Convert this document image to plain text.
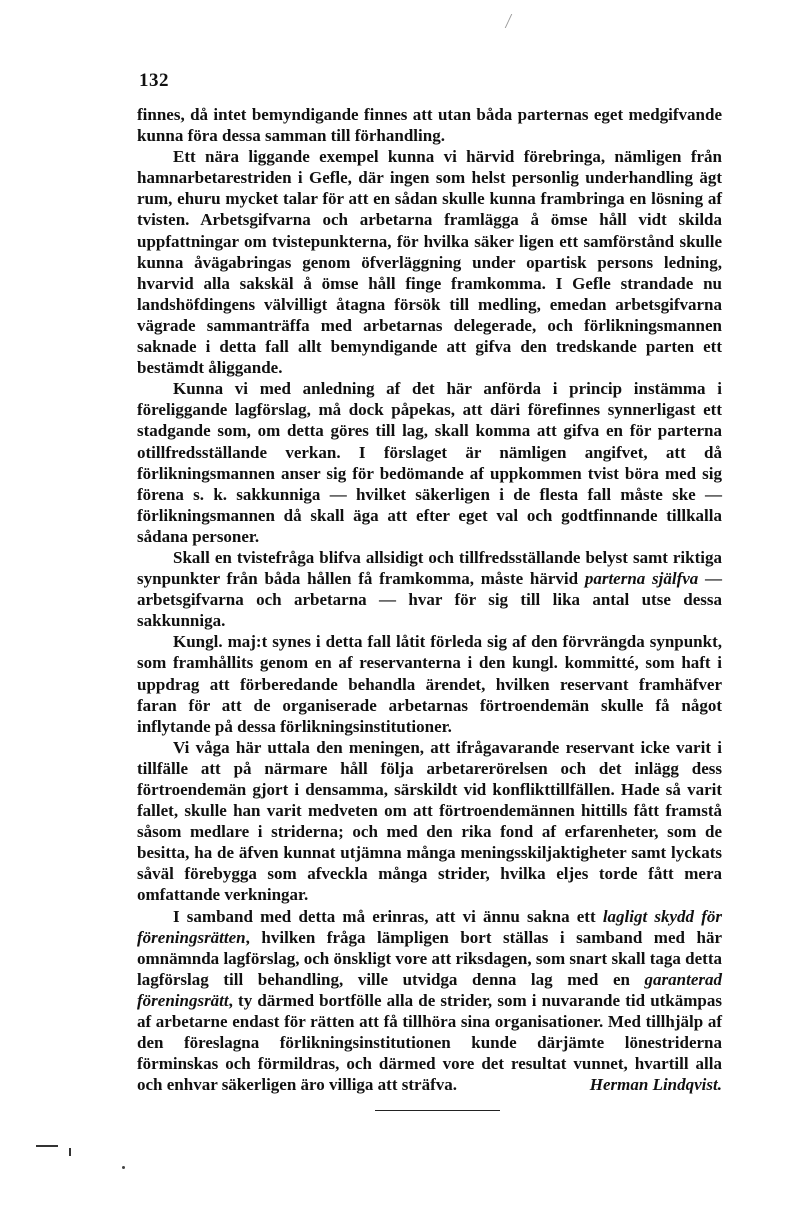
132

finnes, då intet bemyndigande finnes att utan båda parternas eget medgifvande kunna föra dessa samman till förhandling.

Ett nära liggande exempel kunna vi härvid förebringa, nämligen från hamnarbetarestriden i Gefle, där ingen som helst personlig underhandling ägt rum, ehuru mycket talar för att en sådan skulle kunna frambringa en lösning af tvisten. Arbetsgifvarna och arbetarna framlägga å ömse håll vidt skilda uppfattningar om tvistepunkterna, för hvilka säker ligen ett samförstånd skulle kunna åvägabringas genom öfverläggning under opartisk persons ledning, hvarvid alla sakskäl å ömse håll finge framkomma. I Gefle strandade nu landshöfdingens välvilligt åtagna försök till medling, emedan arbetsgifvarna vägrade sammanträffa med arbetarnas delegerade, och förlikningsmannen saknade i detta fall allt bemyndigande att gifva den tredskande parten ett bestämdt åliggande.

Kunna vi med anledning af det här anförda i princip instämma i föreliggande lagförslag, må dock påpekas, att däri förefinnes synnerligast ett stadgande som, om detta göres till lag, skall komma att gifva en för parterna otillfredsställande verkan. I förslaget är nämligen angifvet, att då förlikningsmannen anser sig för bedömande af uppkommen tvist böra med sig förena s. k. sakkunniga — hvilket säkerligen i de flesta fall måste ske — förlikningsmannen då skall äga att efter eget val och godtfinnande tillkalla sådana personer.

Skall en tvistefråga blifva allsidigt och tillfredsställande belyst samt riktiga synpunkter från båda hållen få framkomma, måste härvid parterna själfva — arbetsgifvarna och arbetarna — hvar för sig till lika antal utse dessa sakkunniga.

Kungl. maj:t synes i detta fall låtit förleda sig af den förvrängda synpunkt, som framhållits genom en af reservanterna i den kungl. kommitté, som haft i uppdrag att förberedande behandla ärendet, hvilken reservant framhäfver faran för att de organiserade arbetarnas förtroendemän skulle få något inflytande på dessa förlikningsinstitutioner.

Vi våga här uttala den meningen, att ifrågavarande reservant icke varit i tillfälle att på närmare håll följa arbetarerörelsen och det inlägg dess förtroendemän gjort i densamma, särskildt vid konflikttillfällen. Hade så varit fallet, skulle han varit medveten om att förtroendemännen hittills fått framstå såsom medlare i striderna; och med den rika fond af erfarenheter, som de besitta, ha de äfven kunnat utjämna många meningsskiljaktigheter samt lyckats såväl förebygga som afveckla många strider, hvilka eljes torde fått mera omfattande verkningar.

I samband med detta må erinras, att vi ännu sakna ett lagligt skydd för föreningsrätten, hvilken fråga lämpligen bort ställas i samband med här omnämnda lagförslag, och önskligt vore att riksdagen, som snart skall taga detta lagförslag till behandling, ville utvidga denna lag med en garanterad föreningsrätt, ty därmed bortfölle alla de strider, som i nuvarande tid utkämpas af arbetarne endast för rätten att få tillhöra sina organisationer. Med tillhjälp af den föreslagna förlikningsinstitutionen kunde därjämte lönestriderna förminskas och förmildras, och därmed vore det resultat vunnet, hvartill alla och enhvar säkerligen äro villiga att sträfva.	Herman Lindqvist.
